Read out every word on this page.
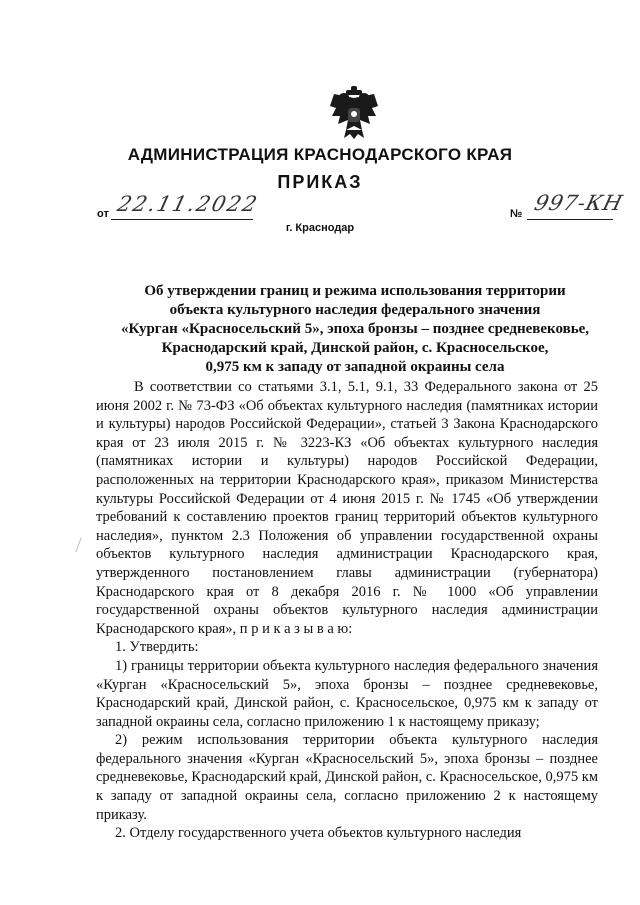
АДМИНИСТРАЦИЯ КРАСНОДАРСКОГО КРАЯ
ПРИКАЗ
от 22.11.2022	№ 997-КН
г. Краснодар
Об утверждении границ и режима использования территории
объекта культурного наследия федерального значения
«Курган «Красносельский 5», эпоха бронзы – позднее средневековье,
Краснодарский край, Динской район, с. Красносельское,
0,975 км к западу от западной окраины села

В соответствии со статьями 3.1, 5.1, 9.1, 33 Федерального закона от 25 июня 2002 г. № 73-ФЗ «Об объектах культурного наследия (памятниках истории и культуры) народов Российской Федерации», статьей 3 Закона Краснодарского края от 23 июля 2015 г. № 3223-КЗ «Об объектах культурного наследия (памятниках истории и культуры) народов Российской Федерации, расположенных на территории Краснодарского края», приказом Министерства культуры Российской Федерации от 4 июня 2015 г. № 1745 «Об утверждении требований к составлению проектов границ территорий объектов культурного наследия», пунктом 2.3 Положения об управлении государственной охраны объектов культурного наследия администрации Краснодарского края, утвержденного постановлением главы администрации (губернатора) Краснодарского края от 8 декабря 2016 г. № 1000 «Об управлении государственной охраны объектов культурного наследия администрации Краснодарского края», п р и к а з ы в а ю:

1. Утвердить:

1) границы территории объекта культурного наследия федерального значения «Курган «Красносельский 5», эпоха бронзы – позднее средневековье, Краснодарский край, Динской район, с. Красносельское, 0,975 км к западу от западной окраины села, согласно приложению 1 к настоящему приказу;

2) режим использования территории объекта культурного наследия федерального значения «Курган «Красносельский 5», эпоха бронзы – позднее средневековье, Краснодарский край, Динской район, с. Красносельское, 0,975 км к западу от западной окраины села, согласно приложению 2 к настоящему приказу.

2. Отделу государственного учета объектов культурного наследия
